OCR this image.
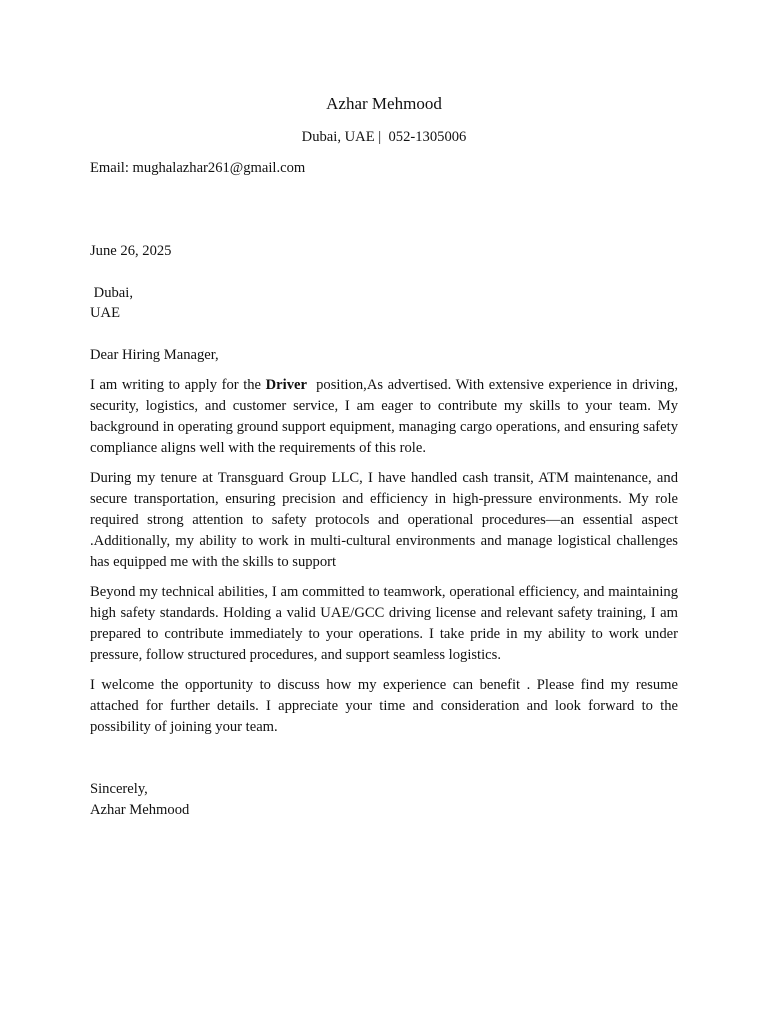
Azhar Mehmood
Dubai, UAE |  052-1305006
Email: mughalazhar261@gmail.com
June 26, 2025
Dubai,
UAE
Dear Hiring Manager,

I am writing to apply for the Driver  position,As advertised. With extensive experience in driving, security, logistics, and customer service, I am eager to contribute my skills to your team. My background in operating ground support equipment, managing cargo operations, and ensuring safety compliance aligns well with the requirements of this role.

During my tenure at Transguard Group LLC, I have handled cash transit, ATM maintenance, and secure transportation, ensuring precision and efficiency in high-pressure environments. My role required strong attention to safety protocols and operational procedures—an essential aspect .Additionally, my ability to work in multi-cultural environments and manage logistical challenges has equipped me with the skills to support

Beyond my technical abilities, I am committed to teamwork, operational efficiency, and maintaining high safety standards. Holding a valid UAE/GCC driving license and relevant safety training, I am prepared to contribute immediately to your operations. I take pride in my ability to work under pressure, follow structured procedures, and support seamless logistics.

I welcome the opportunity to discuss how my experience can benefit . Please find my resume attached for further details. I appreciate your time and consideration and look forward to the possibility of joining your team.

Sincerely,
Azhar Mehmood
